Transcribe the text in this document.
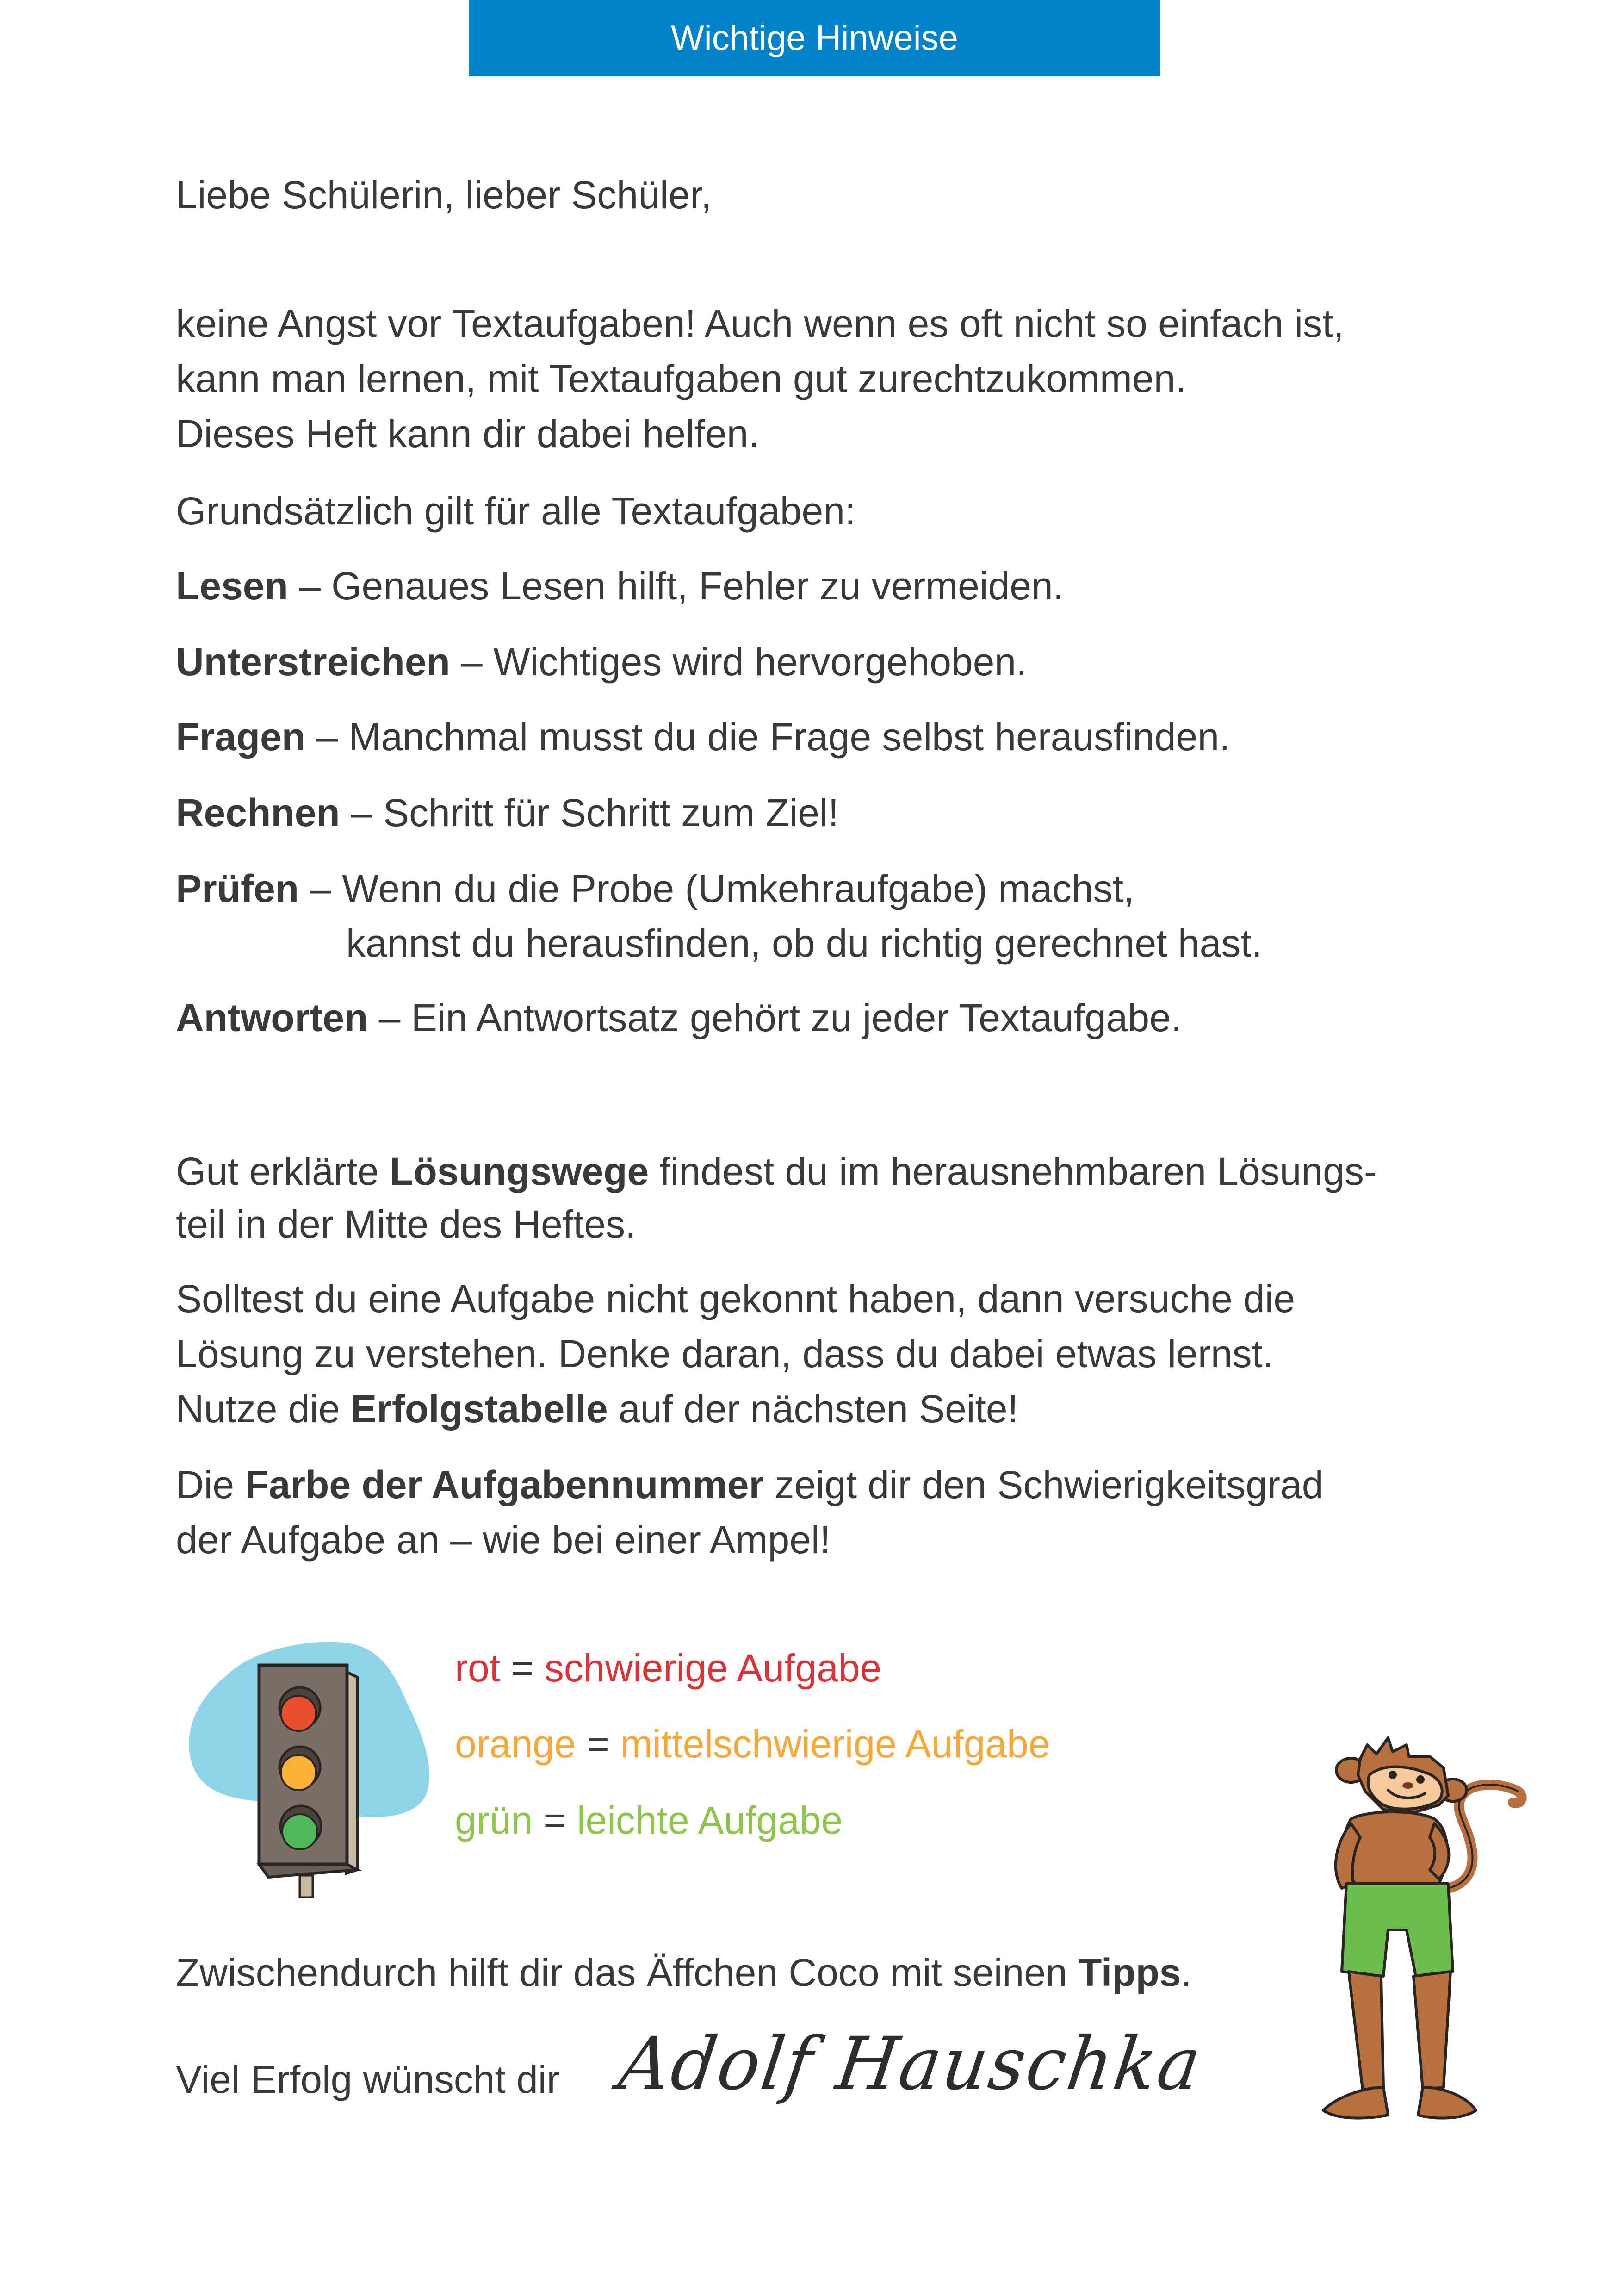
Wichtige Hinweise
Liebe Schülerin, lieber Schüler,
keine Angst vor Textaufgaben! Auch wenn es oft nicht so einfach ist,
kann man lernen, mit Textaufgaben gut zurechtzukommen.
Dieses Heft kann dir dabei helfen.
Grundsätzlich gilt für alle Textaufgaben:
Lesen – Genaues Lesen hilft, Fehler zu vermeiden.
Unterstreichen – Wichtiges wird hervorgehoben.
Fragen – Manchmal musst du die Frage selbst herausfinden.
Rechnen – Schritt für Schritt zum Ziel!
Prüfen – Wenn du die Probe (Umkehraufgabe) machst,
kannst du herausfinden, ob du richtig gerechnet hast.
Antworten – Ein Antwortsatz gehört zu jeder Textaufgabe.
Gut erklärte Lösungswege findest du im herausnehmbaren Lösungs-
teil in der Mitte des Heftes.
Solltest du eine Aufgabe nicht gekonnt haben, dann versuche die
Lösung zu verstehen. Denke daran, dass du dabei etwas lernst.
Nutze die Erfolgstabelle auf der nächsten Seite!
Die Farbe der Aufgabennummer zeigt dir den Schwierigkeitsgrad
der Aufgabe an – wie bei einer Ampel!
rot = schwierige Aufgabe
orange = mittelschwierige Aufgabe
grün = leichte Aufgabe
Zwischendurch hilft dir das Äffchen Coco mit seinen Tipps.
Viel Erfolg wünscht dir Adolf Hauschka
